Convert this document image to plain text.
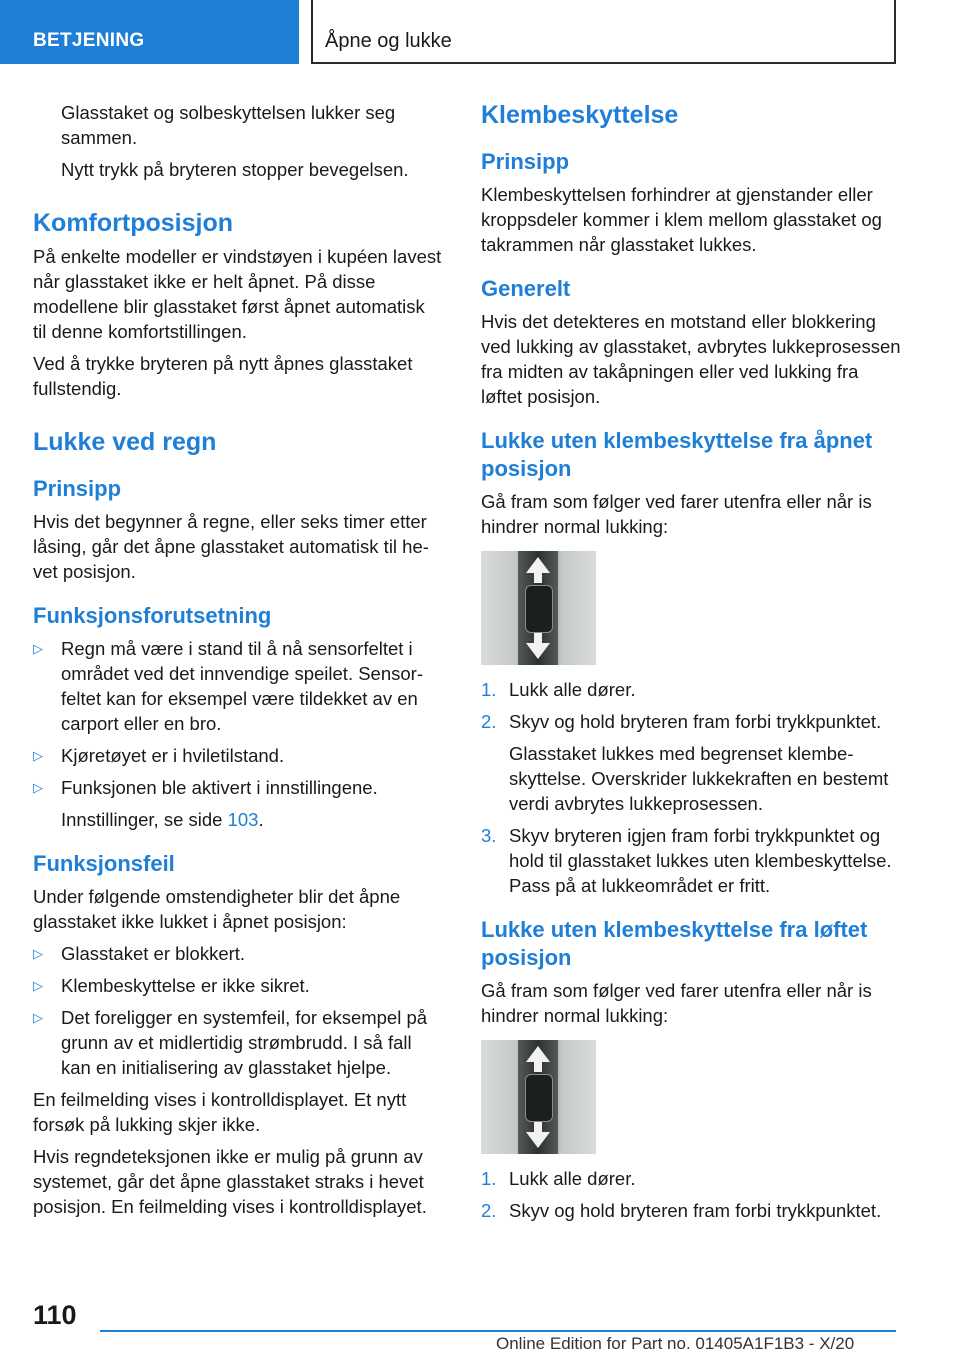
BETJENING	Åpne og lukke

Glasstaket og solbeskyttelsen lukker seg sammen.

Nytt trykk på bryteren stopper bevegelsen.

Komfortposisjon

På enkelte modeller er vindstøyen i kupéen lavest når glasstaket ikke er helt åpnet. På disse modellene blir glasstaket først åpnet automatisk til denne komfortstillingen.

Ved å trykke bryteren på nytt åpnes glasstaket fullstendig.

Lukke ved regn
Prinsipp

Hvis det begynner å regne, eller seks timer etter låsing, går det åpne glasstaket automatisk til hevet posisjon.

Funksjonsforutsetning
▷ Regn må være i stand til å nå sensorfeltet i området ved det innvendige speilet. Sensorfeltet kan for eksempel være tildekket av en carport eller en bro.
▷ Kjøretøyet er i hviletilstand.
▷ Funksjonen ble aktivert i innstillingene.

Innstillinger, se side 103.

Funksjonsfeil

Under følgende omstendigheter blir det åpne glasstaket ikke lukket i åpnet posisjon:

▷ Glasstaket er blokkert.
▷ Klembeskyttelse er ikke sikret.
▷ Det foreligger en systemfeil, for eksempel på grunn av et midlertidig strømbrudd. I så fall kan en initialisering av glasstaket hjelpe.

En feilmelding vises i kontrolldisplayet. Et nytt forsøk på lukking skjer ikke.

Hvis regndeteksjonen ikke er mulig på grunn av systemet, går det åpne glasstaket straks i hevet posisjon. En feilmelding vises i kontrolldisplayet.

Klembeskyttelse
Prinsipp

Klembeskyttelsen forhindrer at gjenstander eller kroppsdeler kommer i klem mellom glasstaket og takrammen når glasstaket lukkes.

Generelt

Hvis det detekteres en motstand eller blokkering ved lukking av glasstaket, avbrytes lukkeprosessen fra midten av takåpningen eller ved lukking fra løftet posisjon.

Lukke uten klembeskyttelse fra åpnet posisjon

Gå fram som følger ved farer utenfra eller når is hindrer normal lukking:

1. Lukk alle dører.
2. Skyv og hold bryteren fram forbi trykkpunktet.

Glasstaket lukkes med begrenset klembeskyttelse. Overskrider lukkekraften en bestemt verdi avbrytes lukkeprosessen.

3. Skyv bryteren igjen fram forbi trykkpunktet og hold til glasstaket lukkes uten klembeskyttelse. Pass på at lukkeområdet er fritt.
Lukke uten klembeskyttelse fra løftet posisjon

Gå fram som følger ved farer utenfra eller når is hindrer normal lukking:

1. Lukk alle dører.
2. Skyv og hold bryteren fram forbi trykkpunktet.
110
Online Edition for Part no. 01405A1F1B3 - X/20
